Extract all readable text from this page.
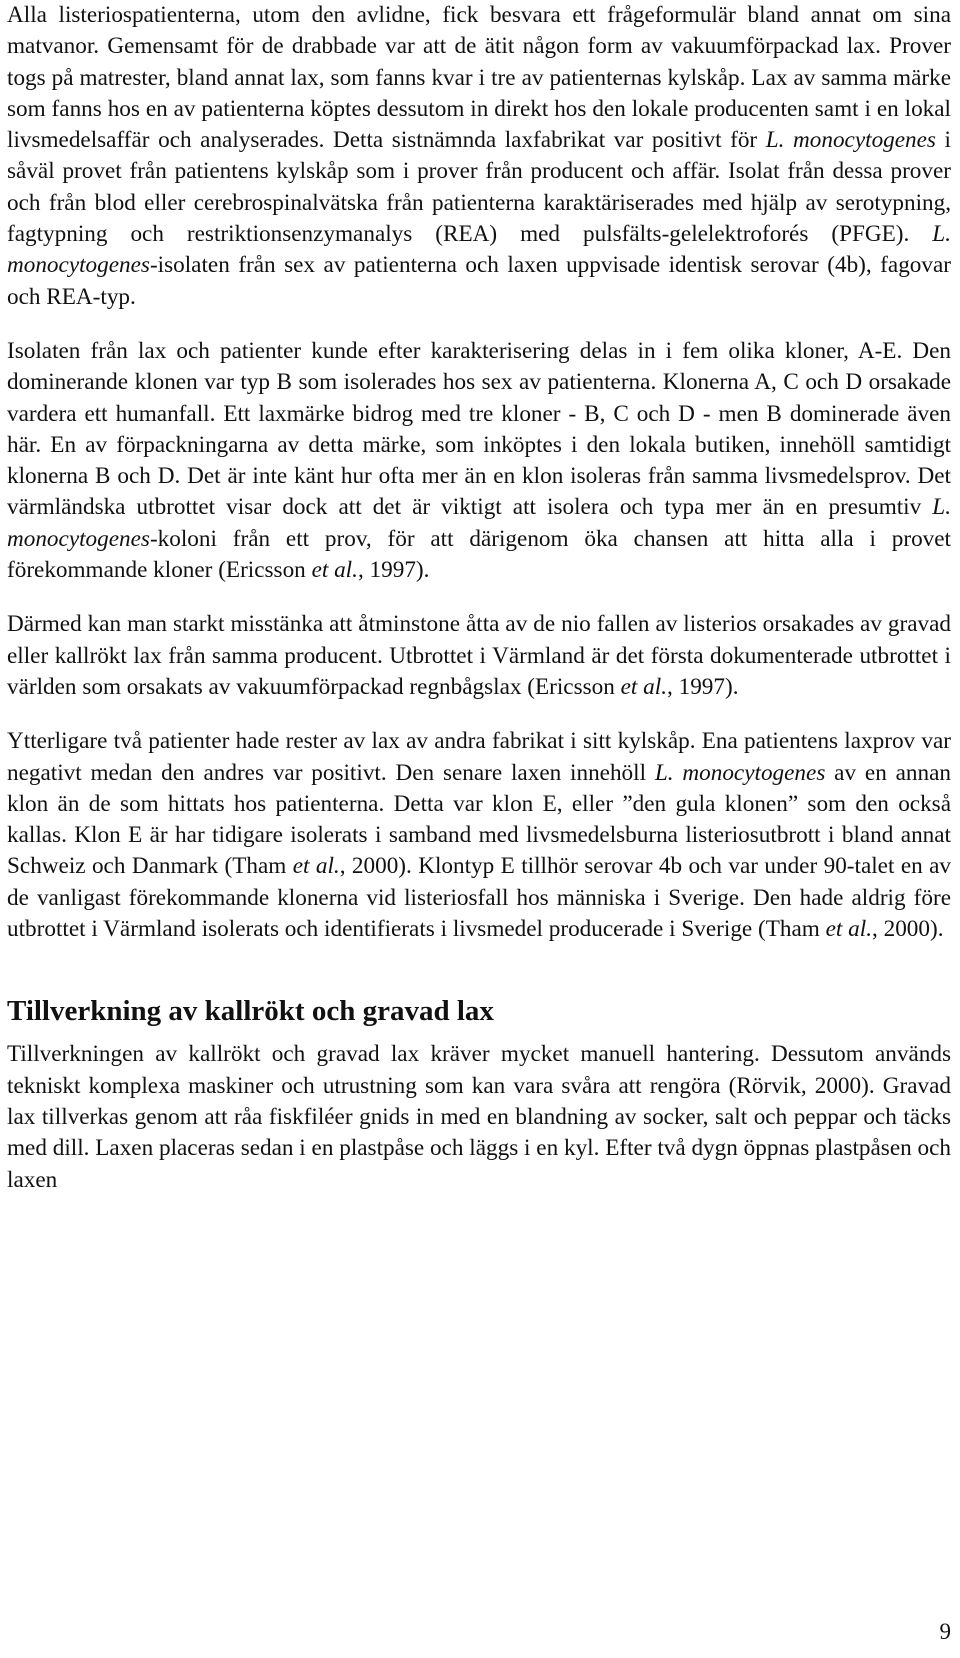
Alla listeriospatienterna, utom den avlidne, fick besvara ett frågeformulär bland annat om sina matvanor. Gemensamt för de drabbade var att de ätit någon form av vakuumförpackad lax. Prover togs på matrester, bland annat lax, som fanns kvar i tre av patienternas kylskåp. Lax av samma märke som fanns hos en av patienterna köptes dessutom in direkt hos den lokale producenten samt i en lokal livsmedelsaffär och analyserades. Detta sistnämnda laxfabrikat var positivt för L. monocytogenes i såväl provet från patientens kylskåp som i prover från producent och affär. Isolat från dessa prover och från blod eller cerebrospinalvätska från patienterna karaktäriserades med hjälp av serotypning, fagtypning och restriktionsenzymanalys (REA) med pulsfälts-gelelektroforés (PFGE). L. monocytogenes-isolaten från sex av patienterna och laxen uppvisade identisk serovar (4b), fagovar och REA-typ.

Isolaten från lax och patienter kunde efter karakterisering delas in i fem olika kloner, A-E. Den dominerande klonen var typ B som isolerades hos sex av patienterna. Klonerna A, C och D orsakade vardera ett humanfall. Ett laxmärke bidrog med tre kloner - B, C och D - men B dominerade även här. En av förpackningarna av detta märke, som inköptes i den lokala butiken, innehöll samtidigt klonerna B och D. Det är inte känt hur ofta mer än en klon isoleras från samma livsmedelsprov. Det värmländska utbrottet visar dock att det är viktigt att isolera och typa mer än en presumtiv L. monocytogenes-koloni från ett prov, för att därigenom öka chansen att hitta alla i provet förekommande kloner (Ericsson et al., 1997).

Därmed kan man starkt misstänka att åtminstone åtta av de nio fallen av listerios orsakades av gravad eller kallrökt lax från samma producent. Utbrottet i Värmland är det första dokumenterade utbrottet i världen som orsakats av vakuumförpackad regnbågslax (Ericsson et al., 1997).

Ytterligare två patienter hade rester av lax av andra fabrikat i sitt kylskåp. Ena patientens laxprov var negativt medan den andres var positivt. Den senare laxen innehöll L. monocytogenes av en annan klon än de som hittats hos patienterna. Detta var klon E, eller ”den gula klonen” som den också kallas. Klon E är har tidigare isolerats i samband med livsmedelsburna listeriosutbrott i bland annat Schweiz och Danmark (Tham et al., 2000). Klontyp E tillhör serovar 4b och var under 90-talet en av de vanligast förekommande klonerna vid listeriosfall hos människa i Sverige. Den hade aldrig före utbrottet i Värmland isolerats och identifierats i livsmedel producerade i Sverige (Tham et al., 2000).

Tillverkning av kallrökt och gravad lax

Tillverkningen av kallrökt och gravad lax kräver mycket manuell hantering. Dessutom används tekniskt komplexa maskiner och utrustning som kan vara svåra att rengöra (Rörvik, 2000). Gravad lax tillverkas genom att råa fiskfiléer gnids in med en blandning av socker, salt och peppar och täcks med dill. Laxen placeras sedan i en plastpåse och läggs i en kyl. Efter två dygn öppnas plastpåsen och laxen

9
